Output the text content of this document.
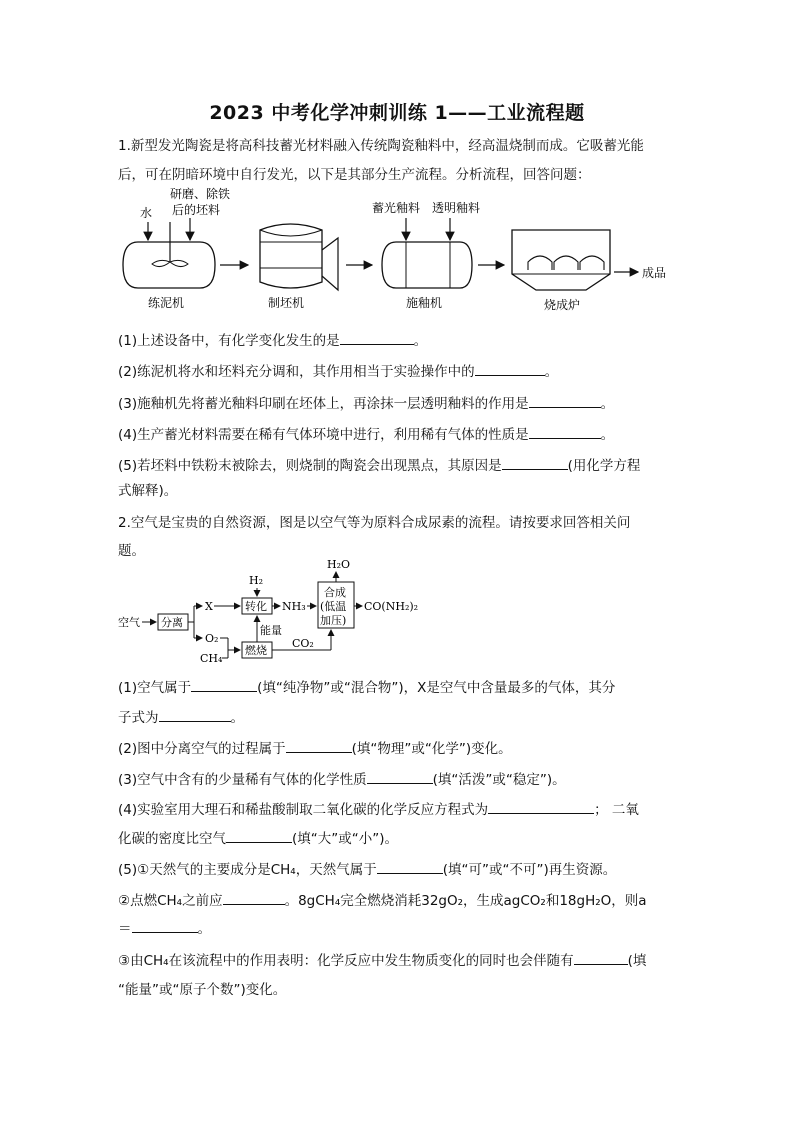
2023 中考化学冲刺训练 1——工业流程题
1.新型发光陶瓷是将高科技蓄光材料融入传统陶瓷釉料中，经高温烧制而成。它吸蓄光能
后，可在阴暗环境中自行发光，以下是其部分生产流程。分析流程，回答问题：
水
研磨、除铁
后的坯料
练泥机	制坯机
蓄光釉料 透明釉料
施釉机	烧成炉
成品
(1)上述设备中，有化学变化发生的是	。
(2)练泥机将水和坯料充分调和，其作用相当于实验操作中的	。
(3)施釉机先将蓄光釉料印刷在坯体上，再涂抹一层透明釉料的作用是	。
(4)生产蓄光材料需要在稀有气体环境中进行，利用稀有气体的性质是	。
(5)若坯料中铁粉末被除去，则烧制的陶瓷会出现黑点，其原因是	(用化学方程
式解释)。
2.空气是宝贵的自然资源，图是以空气等为原料合成尿素的流程。请按要求回答相关问
题。
空气 分离
X
O₂
CH₄
H₂
转化 NH₃
燃烧
能量
CO₂
合成
(低温
加压)
H₂O
CO(NH₂)₂
(1)空气属于	(填“纯净物”或“混合物”)，X是空气中含量最多的气体，其分
子式为	。
(2)图中分离空气的过程属于	(填“物理”或“化学”)变化。
(3)空气中含有的少量稀有气体的化学性质	(填“活泼”或“稳定”)。
(4)实验室用大理石和稀盐酸制取二氧化碳的化学反应方程式为	； 二氧
化碳的密度比空气	(填“大”或“小”)。
(5)①天然气的主要成分是CH₄，天然气属于	(填“可”或“不可”)再生资源。
②点燃CH₄之前应	。8gCH₄完全燃烧消耗32gO₂，生成agCO₂和18gH₂O，则a
＝	。
③由CH₄在该流程中的作用表明：化学反应中发生物质变化的同时也会伴随有	(填
“能量”或“原子个数”)变化。
